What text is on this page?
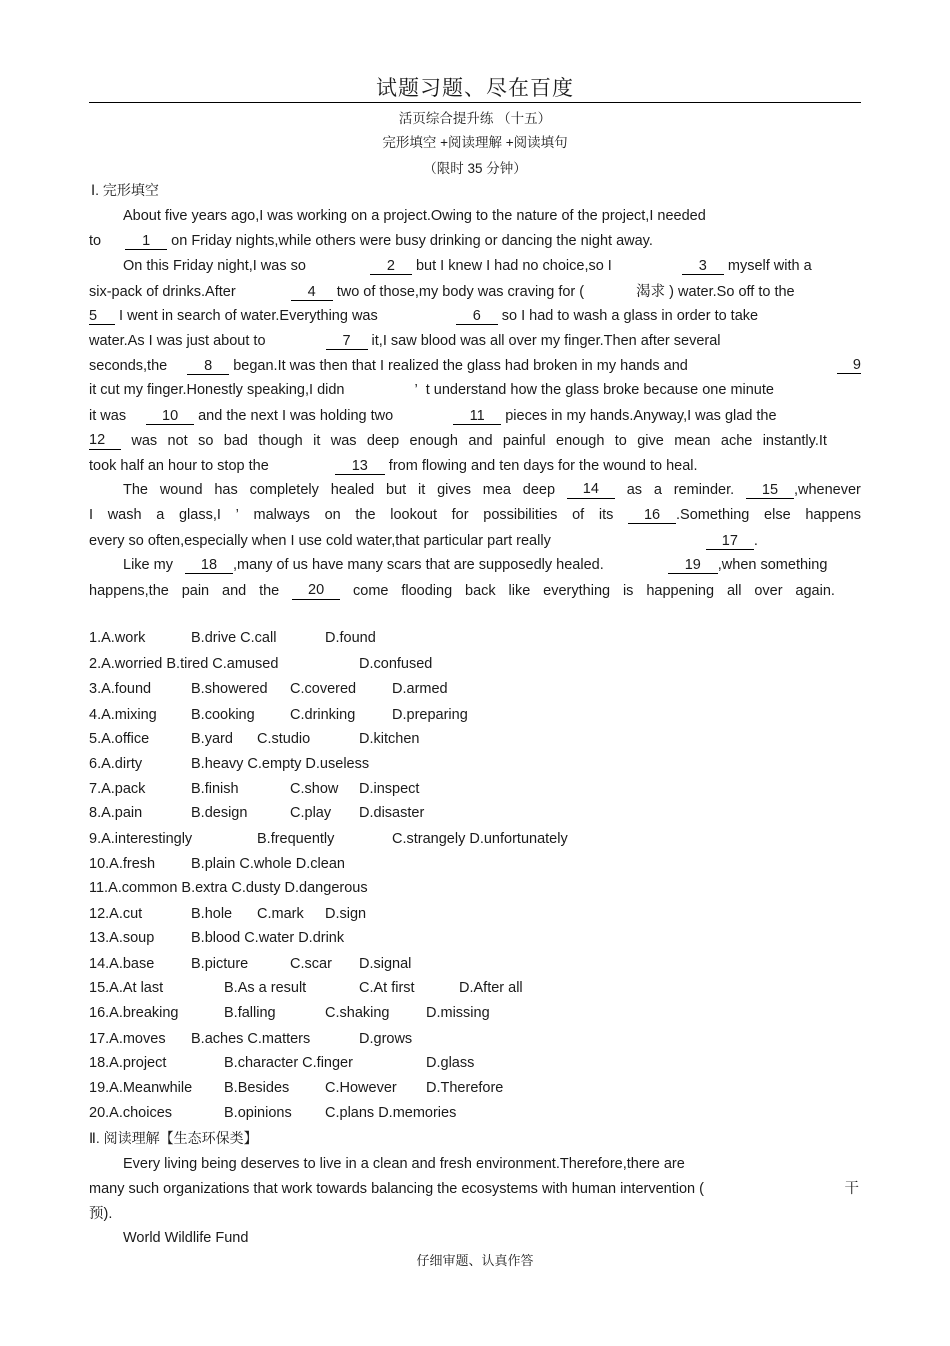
试题习题、尽在百度
活页综合提升练 （十五）
完形填空 +阅读理解 +阅读填句
（限时 35 分钟）
Ⅰ. 完形填空
About five years ago,I was working on a project.Owing to the nature of the project,I needed
to	1 on Friday nights,while others were busy drinking or dancing the night away.
On this Friday night,I was so	2 but I knew I had no choice,so I	3 myself with a
six-pack of drinks.After	4 two of those,my body was craving for (	渴求 ) water.So off to the
5 I went in search of water.Everything was	6 so I had to wash a glass in order to take
water.As I was just about to	7 it,I saw blood was all over my finger.Then after several
seconds,the	8 began.It was then that I realized the glass had broken in my hands and	9
it cut my finger.Honestly speaking,I didn	’ t understand how the glass broke because one minute
it was 10 and the next I was holding two	11 pieces in my hands.Anyway,I was glad the
12	was not so bad though it was deep enough and painful enough to give mean ache instantly.It
took half an hour to stop the	13 from flowing and ten days for the wound to heal.
The wound has completely healed but it gives mea deep	14	as a reminder.	15 ,whenever
I wash a glass,I ’ malways on the lookout for possibilities of its	16 .Something else happens
every so often,especially when I use cold water,that particular part really	17 .
Like my 18 ,many of us have many scars that are supposedly healed.	19 ,when something
happens,the pain and the	20	come flooding back like everything is happening all over again.
1.A.work	B.drive C.call	D.found
2.A.worried B.tired C.amused	D.confused
3.A.found	B.showered C.covered D.armed
4.A.mixing B.cooking C.drinking	D.preparing
5.A.office	B.yard C.studio	D.kitchen
6.A.dirty	B.heavy C.empty D.useless
7.A.pack	B.finish	C.show D.inspect
8.A.pain	B.design	C.play D.disaster
9.A.interestingly	B.frequently	C.strangely D.unfortunately
10.A.fresh B.plain C.whole D.clean
11.A.common B.extra C.dusty D.dangerous
12.A.cut	B.hole C.mark D.sign
13.A.soup	B.blood C.water D.drink
14.A.base	B.picture	C.scar D.signal
15.A.At last	B.As a result	C.At first	D.After all
16.A.breaking	B.falling	C.shaking	D.missing
17.A.moves B.aches C.matters	D.grows
18.A.project	B.character C.finger	D.glass
19.A.Meanwhile B.Besides C.However D.Therefore
20.A.choices	B.opinions C.plans D.memories
Ⅱ. 阅读理解【生态环保类】
Every living being deserves to live in a clean and fresh environment.Therefore,there are
many such organizations that work towards balancing the ecosystems with human intervention (	干
预).
World Wildlife Fund
仔细审题、认真作答
